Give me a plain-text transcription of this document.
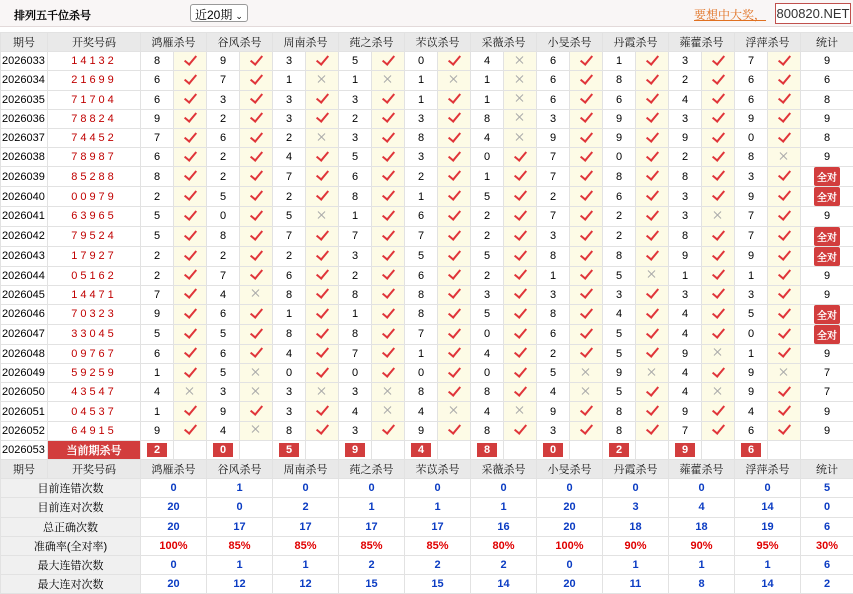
排列五千位杀号	近20期 ⌄	要想中大奖， 800820.NET
期号	开奖号码	鸿雁杀号		谷风杀号		周南杀号		莼之杀号		芣苡杀号		采薇杀号		小旻杀号		丹霞杀号		蕹藿杀号		浮萍杀号		统计
2026033	14132	8		9		3		5		0		4		6		1		3		7		9
2026034	21699	6		7		1		1		1		1		6		8		2		6		6
2026035	71704	6		3		3		3		1		1		6		6		4		6		8
2026036	78824	9		2		3		2		3		8		3		9		3		9		9
2026037	74452	7		6		2		3		8		4		9		9		9		0		8
2026038	78987	6		2		4		5		3		0		7		0		2		8		9
2026039	85288	8		2		7		6		2		1		7		8		8		3		全对
2026040	00979	2		5		2		8		1		5		2		6		3		9		全对
2026041	63965	5		0		5		1		6		2		7		2		3		7		9
2026042	79524	5		8		7		7		7		2		3		2		8		7		全对
2026043	17927	2		2		2		3		5		5		8		8		9		9		全对
2026044	05162	2		7		6		2		6		2		1		5		1		1		9
2026045	14471	7		4		8		8		8		3		3		3		3		3		9
2026046	70323	9		6		1		1		8		5		8		4		4		5		全对
2026047	33045	5		5		8		8		7		0		6		5		4		0		全对
2026048	09767	6		6		4		7		1		4		2		5		9		1		9
2026049	59259	1		5		0		0		0		0		5		9		4		9		7
2026050	43547	4		3		3		3		8		8		4		5		4		9		7
2026051	04537	1		9		3		4		4		4		9		8		9		4		9
2026052	64915	9		4		8		3		9		8		3		8		7		6		9
2026053	当前期杀号	2		0		5		9		4		8		0		2		9		6		
期号	开奖号码	鸿雁杀号		谷风杀号		周南杀号		莼之杀号		芣苡杀号		采薇杀号		小旻杀号		丹霞杀号		蕹藿杀号		浮萍杀号		统计
目前连错次数		0		1		0		0		0		0		0		0		0		0		5
目前连对次数		20		0		2		1		1		1		20		3		4		14		0
总正确次数		20		17		17		17		17		16		20		18		18		19		6
准确率(全对率)		100%		85%		85%		85%		85%		80%		100%		90%		90%		95%		30%
最大连错次数		0		1		1		2		2		2		0		1		1		1		6
最大连对次数		20		12		12		15		15		14		20		11		8		14		2
